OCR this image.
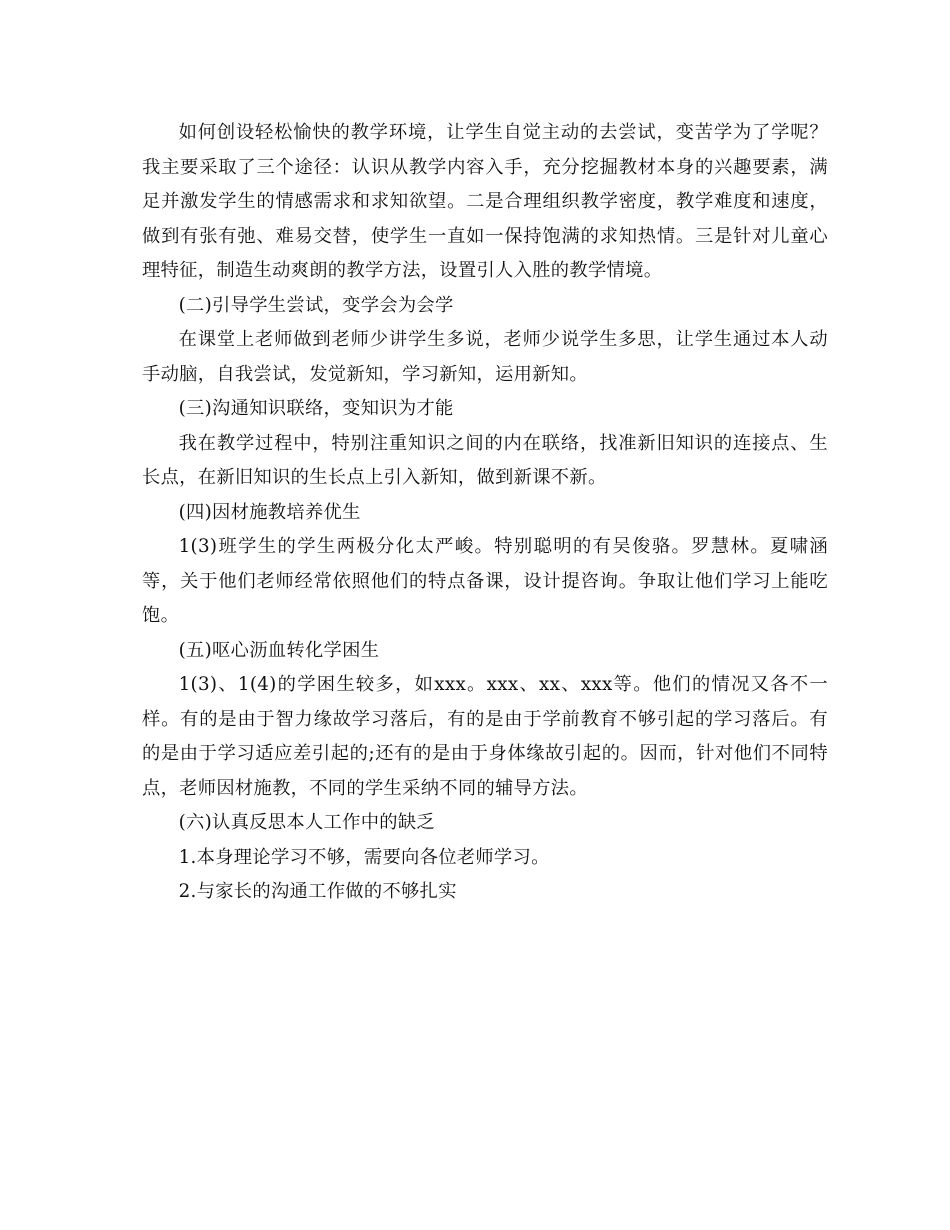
如何创设轻松愉快的教学环境，让学生自觉主动的去尝试，变苦学为了学呢？我主要采取了三个途径：认识从教学内容入手，充分挖掘教材本身的兴趣要素，满足并激发学生的情感需求和求知欲望。二是合理组织教学密度，教学难度和速度，做到有张有弛、难易交替，使学生一直如一保持饱满的求知热情。三是针对儿童心理特征，制造生动爽朗的教学方法，设置引人入胜的教学情境。

(二)引导学生尝试，变学会为会学

在课堂上老师做到老师少讲学生多说，老师少说学生多思，让学生通过本人动手动脑，自我尝试，发觉新知，学习新知，运用新知。

(三)沟通知识联络，变知识为才能

我在教学过程中，特别注重知识之间的内在联络，找准新旧知识的连接点、生长点，在新旧知识的生长点上引入新知，做到新课不新。

(四)因材施教培养优生

1(3)班学生的学生两极分化太严峻。特别聪明的有吴俊骆。罗慧林。夏啸涵等，关于他们老师经常依照他们的特点备课，设计提咨询。争取让他们学习上能吃饱。

(五)呕心沥血转化学困生

1(3)、1(4)的学困生较多，如xxx。xxx、xx、xxx等。他们的情况又各不一样。有的是由于智力缘故学习落后，有的是由于学前教育不够引起的学习落后。有的是由于学习适应差引起的;还有的是由于身体缘故引起的。因而，针对他们不同特点，老师因材施教，不同的学生采纳不同的辅导方法。

(六)认真反思本人工作中的缺乏

1.本身理论学习不够，需要向各位老师学习。

2.与家长的沟通工作做的不够扎实
